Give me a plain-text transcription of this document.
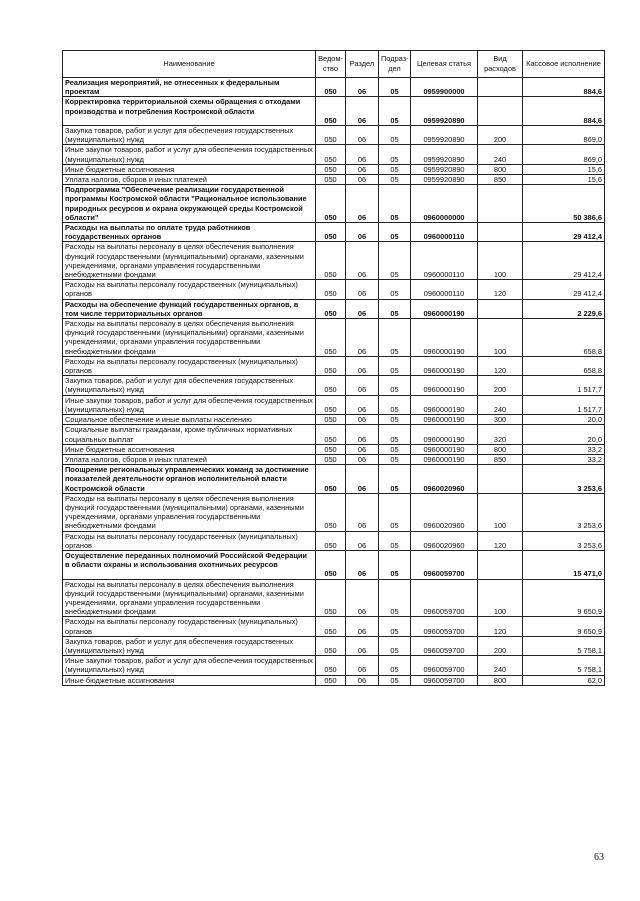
Наименование	Ведом-ство	Раздел	Подраз-дел	Целевая статья	Вид расходов	Кассовое исполнение
Реализация мероприятий, не отнесенных к федеральным проектам	050	06	05	0959900000		884,6
Корректировка территориальной схемы обращения с отходами производства и потребления Костромской области	050	06	05	0959920890		884,6
Закупка товаров, работ и услуг для обеспечения государственных (муниципальных) нужд	050	06	05	0959920890	200	869,0
Иные закупки товаров, работ и услуг для обеспечения государственных (муниципальных) нужд	050	06	05	0959920890	240	869,0
Иные бюджетные ассигнования	050	06	05	0959920890	800	15,6
Уплата налогов, сборов и иных платежей	050	06	05	0959920890	850	15,6
Подпрограмма "Обеспечение реализации государственной программы Костромской области "Рациональное использование природных ресурсов и охрана окружающей среды Костромской области"	050	06	05	0960000000		50 386,6
Расходы на выплаты по оплате труда работников государственных органов	050	06	05	0960000110		29 412,4
Расходы на выплаты персоналу в целях обеспечения выполнения функций государственными (муниципальными) органами, казенными учреждениями, органами управления государственными внебюджетными фондами	050	06	05	0960000110	100	29 412,4
Расходы на выплаты персоналу государственных (муниципальных) органов	050	06	05	0960000110	120	29 412,4
Расходы на обеспечение функций государственных органов, в том числе территориальных органов	050	06	05	0960000190		2 229,6
Расходы на выплаты персоналу в целях обеспечения выполнения функций государственными (муниципальными) органами, казенными учреждениями, органами управления государственными внебюджетными фондами	050	06	05	0960000190	100	658,8
Расходы на выплаты персоналу государственных (муниципальных) органов	050	06	05	0960000190	120	658,8
Закупка товаров, работ и услуг для обеспечения государственных (муниципальных) нужд	050	06	05	0960000190	200	1 517,7
Иные закупки товаров, работ и услуг для обеспечения государственных (муниципальных) нужд	050	06	05	0960000190	240	1 517,7
Социальное обеспечение и иные выплаты населению	050	06	05	0960000190	300	20,0
Социальные выплаты гражданам, кроме публичных нормативных социальных выплат	050	06	05	0960000190	320	20,0
Иные бюджетные ассигнования	050	06	05	0960000190	800	33,2
Уплата налогов, сборов и иных платежей	050	06	05	0960000190	850	33,2
Поощрение региональных управленческих команд за достижение показателей деятельности органов исполнительной власти Костромской области	050	06	05	0960020960		3 253,6
Расходы на выплаты персоналу в целях обеспечения выполнения функций государственными (муниципальными) органами, казенными учреждениями, органами управления государственными внебюджетными фондами	050	06	05	0960020960	100	3 253,6
Расходы на выплаты персоналу государственных (муниципальных) органов	050	06	05	0960020960	120	3 253,6
Осуществление переданных полномочий Российской Федерации в области охраны и использования охотничьих ресурсов	050	06	05	0960059700		15 471,0
Расходы на выплаты персоналу в целях обеспечения выполнения функций государственными (муниципальными) органами, казенными учреждениями, органами управления государственными внебюджетными фондами	050	06	05	0960059700	100	9 650,9
Расходы на выплаты персоналу государственных (муниципальных) органов	050	06	05	0960059700	120	9 650,9
Закупка товаров, работ и услуг для обеспечения государственных (муниципальных) нужд	050	06	05	0960059700	200	5 758,1
Иные закупки товаров, работ и услуг для обеспечения государственных (муниципальных) нужд	050	06	05	0960059700	240	5 758,1
Иные бюджетные ассигнования	050	06	05	0960059700	800	62,0
63
